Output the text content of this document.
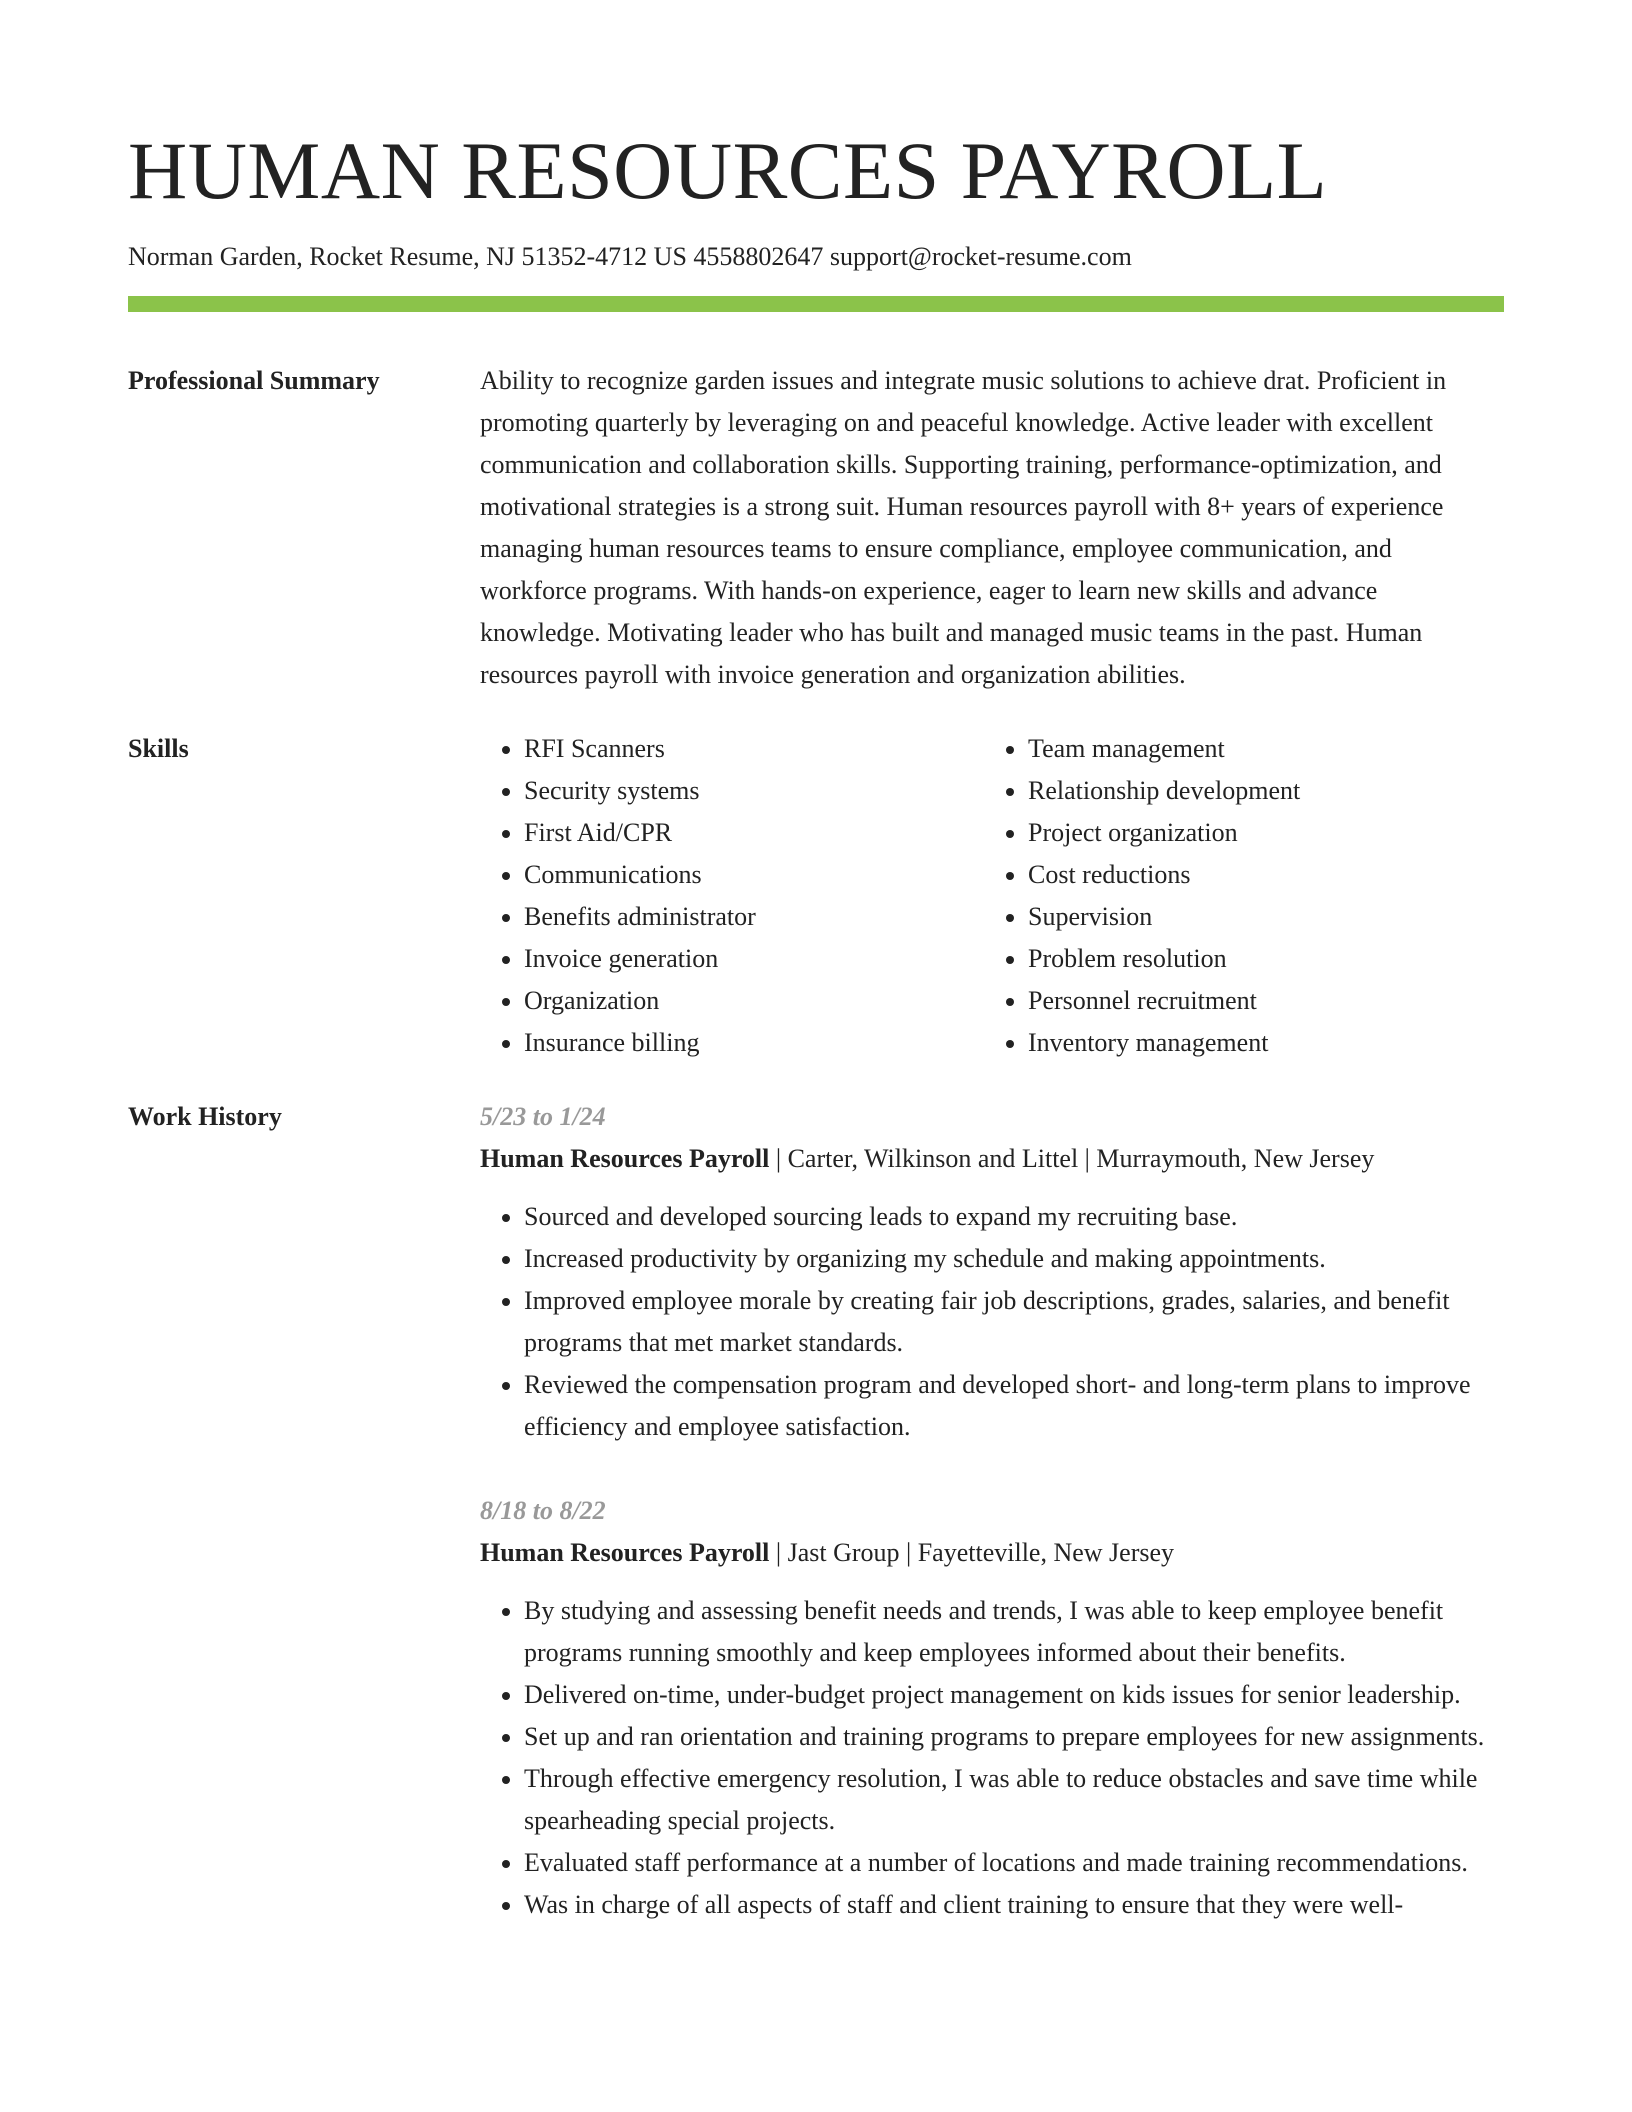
HUMAN RESOURCES PAYROLL
Norman Garden, Rocket Resume, NJ 51352-4712 US 4558802647 support@rocket-resume.com
Professional Summary	Ability to recognize garden issues and integrate music solutions to achieve drat. Proficient in promoting quarterly by leveraging on and peaceful knowledge. Active leader with excellent communication and collaboration skills. Supporting training, performance-optimization, and motivational strategies is a strong suit. Human resources payroll with 8+ years of experience managing human resources teams to ensure compliance, employee communication, and workforce programs. With hands-on experience, eager to learn new skills and advance knowledge. Motivating leader who has built and managed music teams in the past. Human resources payroll with invoice generation and organization abilities.

Skills
•	RFI Scanners
• Security systems
• First Aid/CPR
• Communications
• Benefits administrator
• Invoice generation
• Organization
• Insurance billing
• Team management
• Relationship development
• Project organization
• Cost reductions
• Supervision
• Problem resolution
• Personnel recruitment
• Inventory management
Work History	5/23 to 1/24
Human Resources Payroll | Carter, Wilkinson and Littel | Murraymouth, New Jersey
• Sourced and developed sourcing leads to expand my recruiting base.
• Increased productivity by organizing my schedule and making appointments.
• Improved employee morale by creating fair job descriptions, grades, salaries, and benefit programs that met market standards.
• Reviewed the compensation program and developed short- and long-term plans to improve efficiency and employee satisfaction.
8/18 to 8/22
Human Resources Payroll | Jast Group | Fayetteville, New Jersey
• By studying and assessing benefit needs and trends, I was able to keep employee benefit programs running smoothly and keep employees informed about their benefits.
• Delivered on-time, under-budget project management on kids issues for senior leadership.
• Set up and ran orientation and training programs to prepare employees for new assignments.
• Through effective emergency resolution, I was able to reduce obstacles and save time while spearheading special projects.
• Evaluated staff performance at a number of locations and made training recommendations.
• Was in charge of all aspects of staff and client training to ensure that they were well-
